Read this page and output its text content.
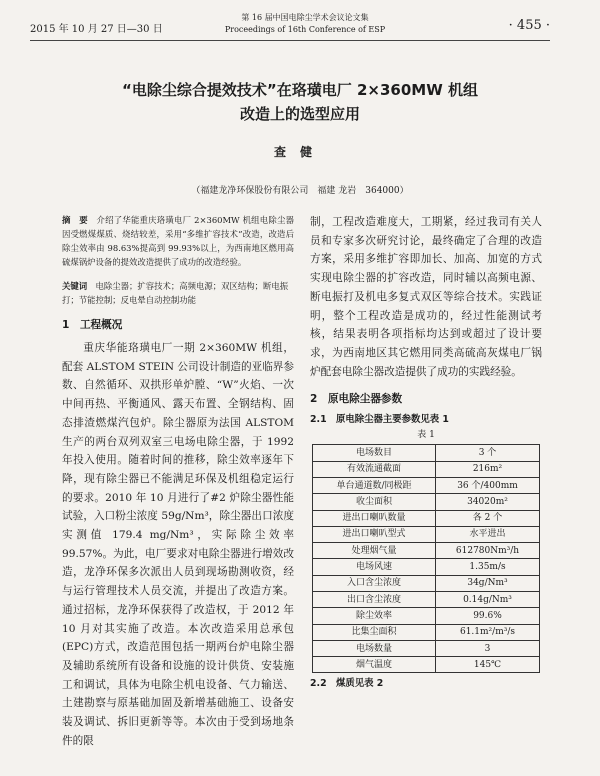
2015 年 10 月 27 日—30 日
第 16 届中国电除尘学术会议论文集
Proceedings of 16th Conference of ESP	· 455 ·
“电除尘综合提效技术”在珞璜电厂 2×360MW 机组
改造上的选型应用
查健
（福建龙净环保股份有限公司　福建 龙岩　364000）

摘　要　 介绍了华能重庆珞璜电厂 2×360MW 机组电除尘器因受燃煤煤质、烧结较差，采用“多维扩容技术”改造，改造后除尘效率由 98.63%提高到 99.93%以上，为西南地区燃用高硫煤锅炉设备的提效改造提供了成功的改造经验。

关键词　 电除尘器；扩容技术；高频电源；双区结构；断电振打；节能控制；反电晕自动控制功能

1　工程概况

重庆华能珞璜电厂一期 2×360MW 机组，配套 ALSTOM STEIN 公司设计制造的亚临界参数、自然循环、双拱形单炉膛、“W”火焰、一次中间再热、平衡通风、露天布置、全钢结构、固态排渣燃煤汽包炉。除尘器原为法国 ALSTOM 生产的两台双列双室三电场电除尘器，于 1992 年投入使用。随着时间的推移，除尘效率逐年下降，现有除尘器已不能满足环保及机组稳定运行的要求。2010 年 10 月进行了#2 炉除尘器性能试验，入口粉尘浓度 59g/Nm³，除尘器出口浓度实测值 179.4 mg/Nm³，实际除尘效率 99.57%。为此，电厂要求对电除尘器进行增效改造，龙净环保多次派出人员到现场勘测收资，经与运行管理技术人员交流，并提出了改造方案。通过招标，龙净环保获得了改造权，于 2012 年 10 月对其实施了改造。本次改造采用总承包(EPC)方式，改造范围包括一期两台炉电除尘器及辅助系统所有设备和设施的设计供货、安装施工和调试，具体为电除尘机电设备、气力输送、土建勘察与原基础加固及新增基础施工、设备安装及调试、拆旧更新等等。本次由于受到场地条件的限

制，工程改造难度大，工期紧，经过我司有关人员和专家多次研究讨论，最终确定了合理的改造方案，采用多维扩容即加长、加高、加宽的方式实现电除尘器的扩容改造，同时辅以高频电源、断电振打及机电多复式双区等综合技术。实践证明，整个工程改造是成功的，经过性能测试考核，结果表明各项指标均达到或超过了设计要求，为西南地区其它燃用同类高硫高灰煤电厂锅炉配套电除尘器改造提供了成功的实践经验。

2　原电除尘器参数
2.1　原电除尘器主要参数见表 1
表 1
电场数目	3 个
有效流通截面	216m²
单台通道数/同极距	36 个/400mm
收尘面积	34020m²
进出口喇叭数量	各 2 个
进出口喇叭型式	水平进出
处理烟气量	612780Nm³/h
电场风速	1.35m/s
入口含尘浓度	34g/Nm³
出口含尘浓度	0.14g/Nm³
除尘效率	99.6%
比集尘面积	61.1m²/m³/s
电场数量	3
烟气温度	145℃
2.2　煤质见表 2
